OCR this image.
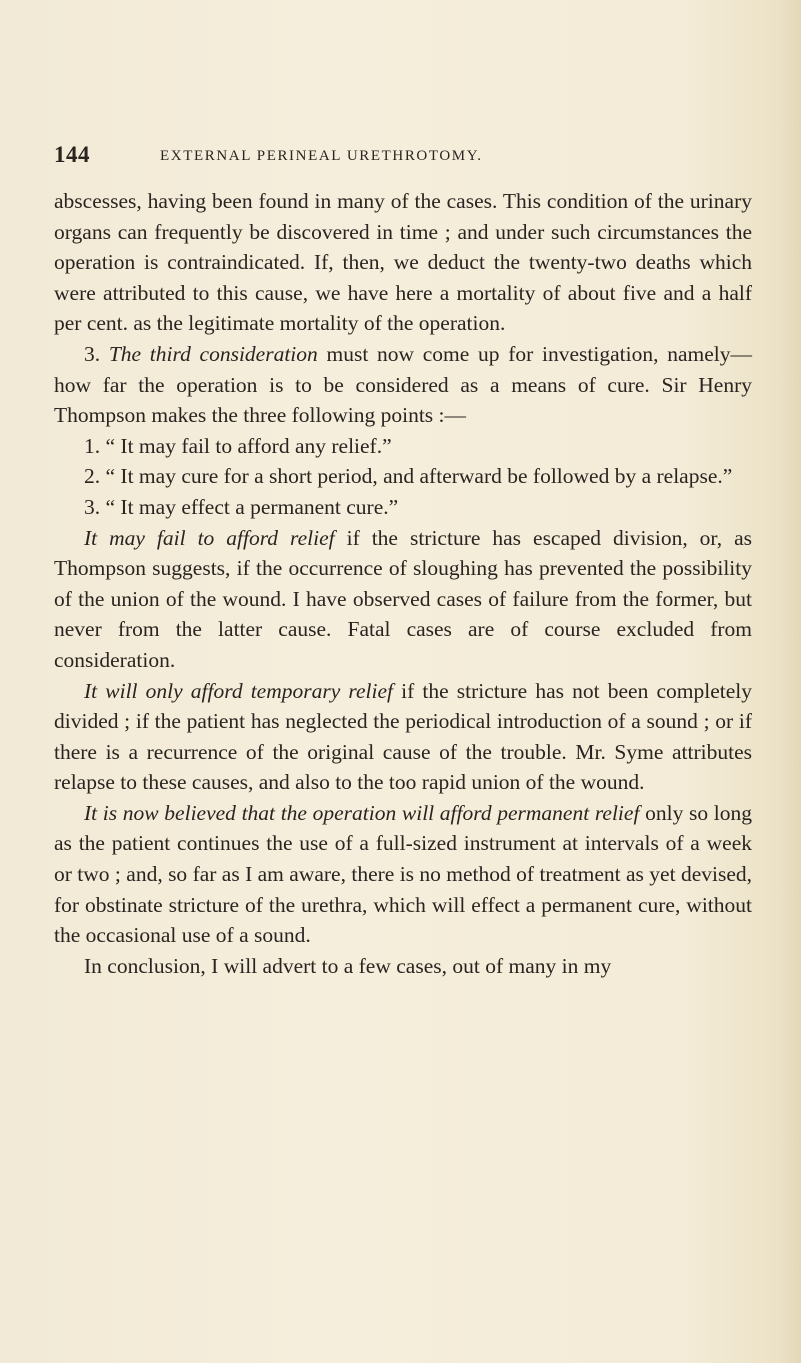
144	EXTERNAL PERINEAL URETHROTOMY.

abscesses, having been found in many of the cases. This condition of the urinary organs can frequently be discovered in time ; and under such circumstances the operation is contraindicated. If, then, we deduct the twenty-two deaths which were attributed to this cause, we have here a mortality of about five and a half per cent. as the legitimate mortality of the operation.

3. The third consideration must now come up for investigation, namely—how far the operation is to be considered as a means of cure. Sir Henry Thompson makes the three following points :—

1. “ It may fail to afford any relief.”

2. “ It may cure for a short period, and afterward be followed by a relapse.”

3. “ It may effect a permanent cure.”

It may fail to afford relief if the stricture has escaped division, or, as Thompson suggests, if the occurrence of sloughing has prevented the possibility of the union of the wound. I have observed cases of failure from the former, but never from the latter cause. Fatal cases are of course excluded from consideration.

It will only afford temporary relief if the stricture has not been completely divided ; if the patient has neglected the periodical introduction of a sound ; or if there is a recurrence of the original cause of the trouble. Mr. Syme attributes relapse to these causes, and also to the too rapid union of the wound.

It is now believed that the operation will afford permanent relief only so long as the patient continues the use of a full-sized instrument at intervals of a week or two ; and, so far as I am aware, there is no method of treatment as yet devised, for obstinate stricture of the urethra, which will effect a permanent cure, without the occasional use of a sound.

In conclusion, I will advert to a few cases, out of many in my
